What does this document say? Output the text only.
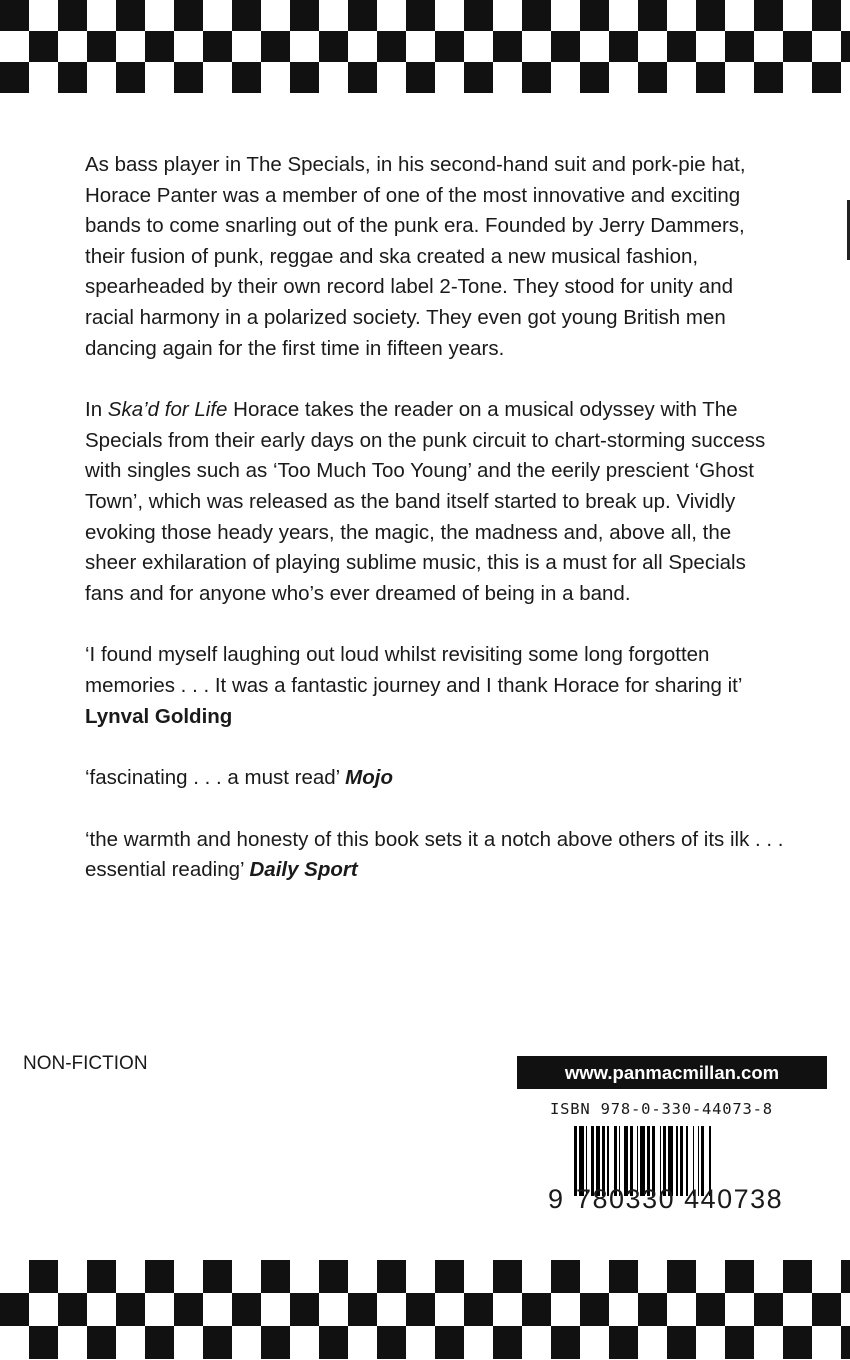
As bass player in The Specials, in his second-hand suit and pork-pie hat, Horace Panter was a member of one of the most innovative and exciting bands to come snarling out of the punk era. Founded by Jerry Dammers, their fusion of punk, reggae and ska created a new musical fashion, spearheaded by their own record label 2-Tone. They stood for unity and racial harmony in a polarized society. They even got young British men dancing again for the first time in fifteen years.

In Ska’d for Life Horace takes the reader on a musical odyssey with The Specials from their early days on the punk circuit to chart-storming success with singles such as ‘Too Much Too Young’ and the eerily prescient ‘Ghost Town’, which was released as the band itself started to break up. Vividly evoking those heady years, the magic, the madness and, above all, the sheer exhilaration of playing sublime music, this is a must for all Specials fans and for anyone who’s ever dreamed of being in a band.

‘I found myself laughing out loud whilst revisiting some long forgotten memories . . . It was a fantastic journey and I thank Horace for sharing it’ Lynval Golding

‘fascinating . . . a must read’ Mojo

‘the warmth and honesty of this book sets it a notch above others of its ilk . . . essential reading’ Daily Sport

NON-FICTION	www.panmacmillan.com
ISBN 978-0-330-44073-8
9 780330 440738
